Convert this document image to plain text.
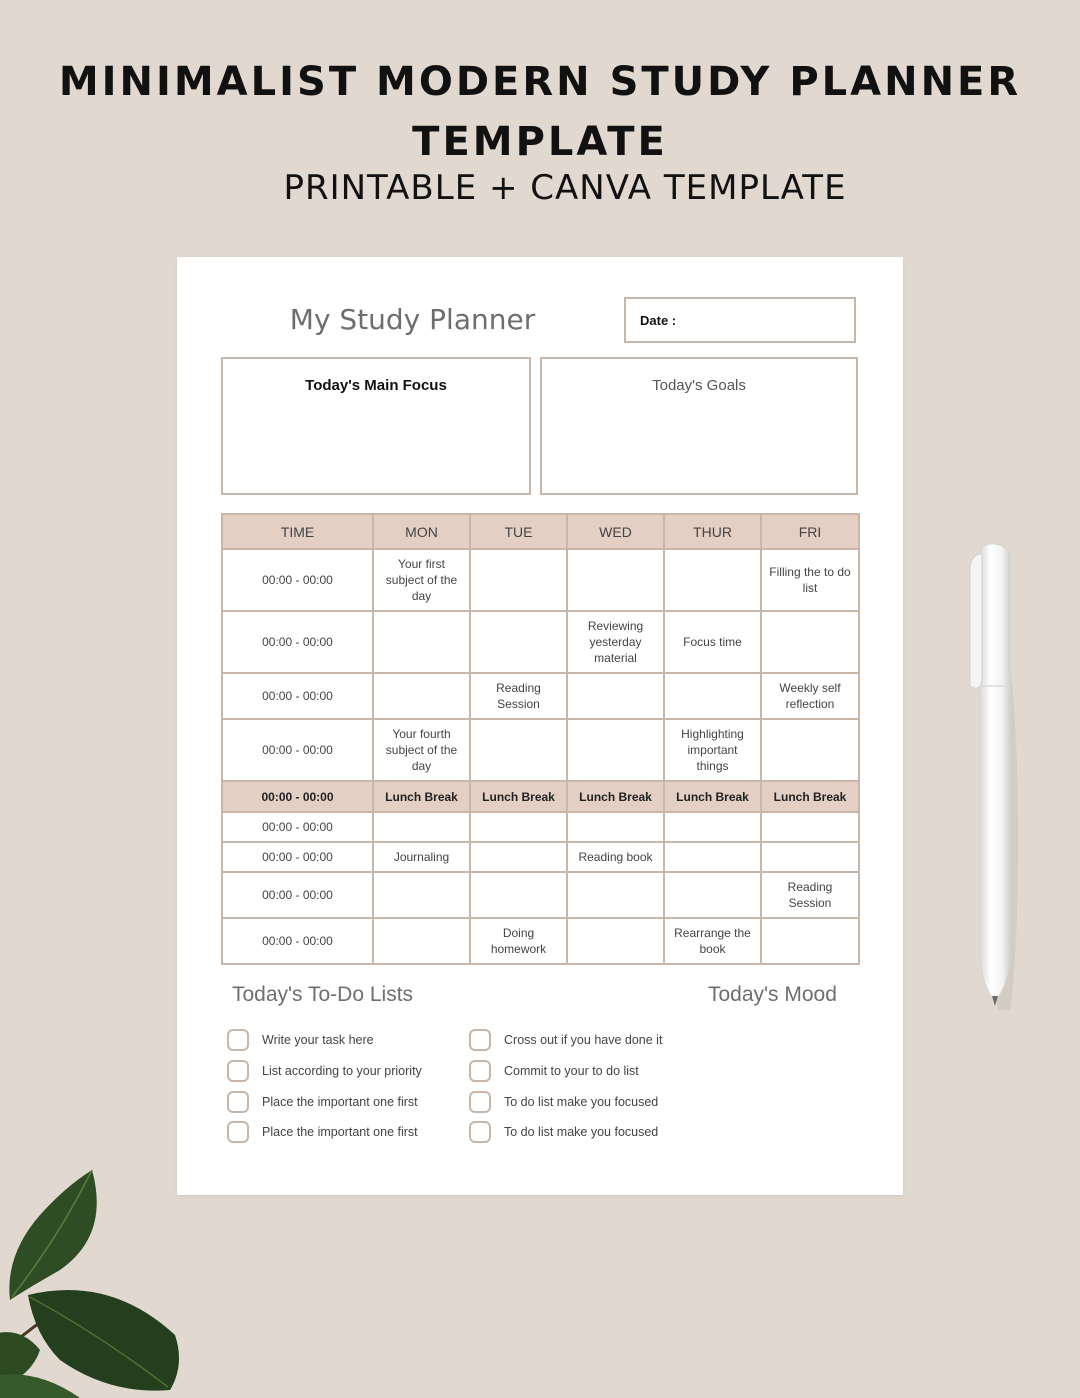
MINIMALIST MODERN STUDY PLANNER
TEMPLATE
PRINTABLE + CANVA TEMPLATE
My Study Planner	Date :
Today's Main Focus	Today's Goals
TIME	MON	TUE	WED	THUR	FRI
00:00 - 00:00	Your first subject of the day				Filling the to do list
00:00 - 00:00			Reviewing yesterday material	Focus time	
00:00 - 00:00		Reading Session			Weekly self reflection
00:00 - 00:00	Your fourth subject of the day			Highlighting important things	
00:00 - 00:00	Lunch Break	Lunch Break	Lunch Break	Lunch Break	Lunch Break
00:00 - 00:00					
00:00 - 00:00	Journaling		Reading book		
00:00 - 00:00					Reading Session
00:00 - 00:00		Doing homework		Rearrange the book	
Today's To-Do Lists	Today's Mood
Write your task here
List according to your priority
Place the important one first
Place the important one first
Cross out if you have done it
Commit to your to do list
To do list make you focused
To do list make you focused
